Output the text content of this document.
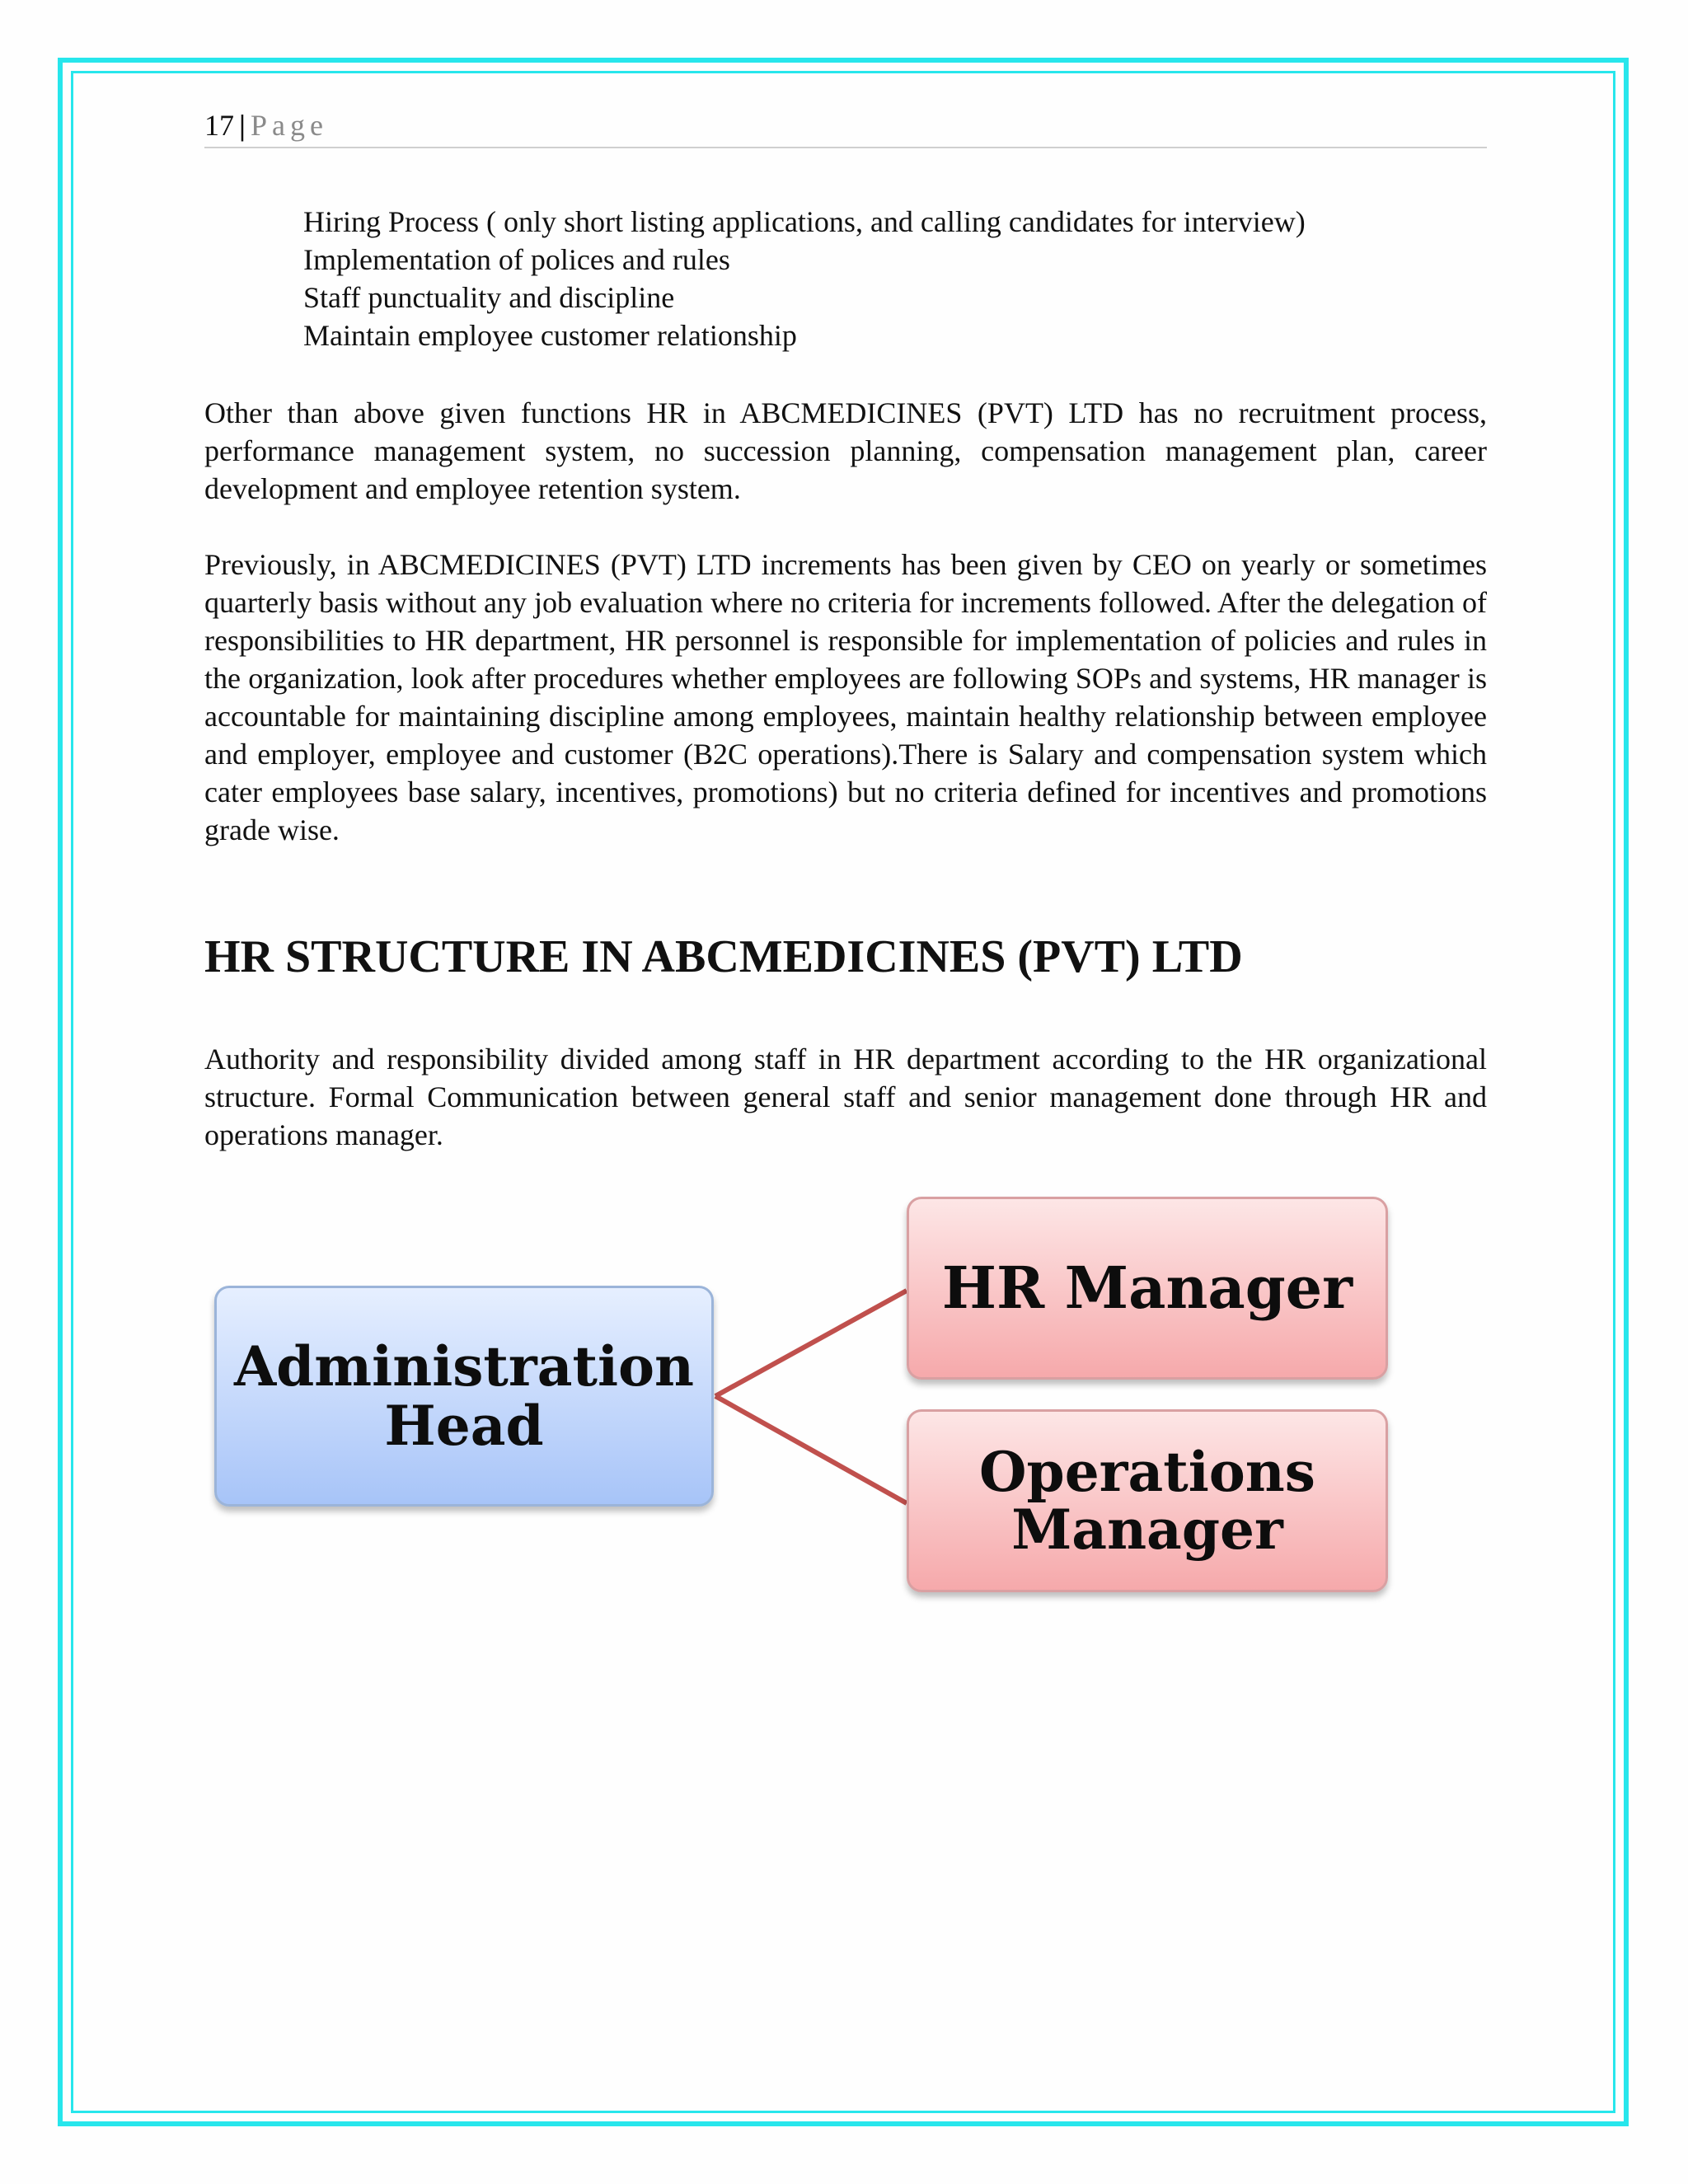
17 | Page
Hiring Process ( only short listing applications, and calling candidates for interview)
Implementation of polices and rules
Staff punctuality and discipline
Maintain employee customer relationship
Other than above given functions HR in ABCMEDICINES (PVT) LTD has no recruitment process, performance management system, no succession planning, compensation management plan, career development and employee retention system.
Previously, in ABCMEDICINES (PVT) LTD increments has been given by CEO on yearly or sometimes quarterly basis without any job evaluation where no criteria for increments followed. After the delegation of responsibilities to HR department, HR personnel is responsible for implementation of policies and rules in the organization, look after procedures whether employees are following SOPs and systems, HR manager is accountable for maintaining discipline among employees, maintain healthy relationship between employee and employer, employee and customer (B2C operations).There is Salary and compensation system which cater employees base salary, incentives, promotions) but no criteria defined for incentives and promotions grade wise.
HR STRUCTURE IN ABCMEDICINES (PVT) LTD
Authority and responsibility divided among staff in HR department according to the HR organizational structure. Formal Communication between general staff and senior management done through HR and operations manager.
Administration
Head
HR Manager
Operations
Manager
